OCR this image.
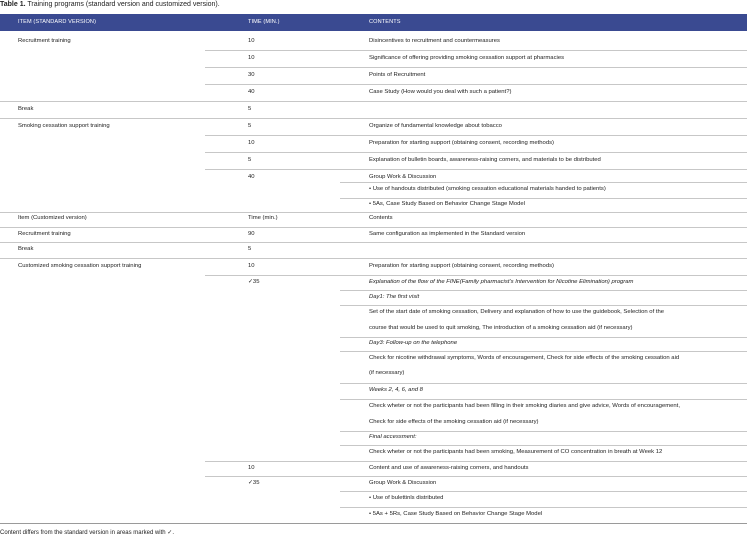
Table 1. Training programs (standard version and customized version).
ITEM (STANDARD VERSION)	TIME (MIN.)	CONTENTS
Recruitment training	10	Disincentives to recruitment and countermeasures
10	Significance of offering providing smoking cessation support at pharmacies
30	Points of Recruitment
40	Case Study (How would you deal with such a patient?)
Break	5
Smoking cessation support training	5	Organize of fundamental knowledge about tobacco
10	Preparation for starting support (obtaining consent, recording methods)
5	Explanation of bulletin boards, awareness-raising corners, and materials to be distributed
40	Group Work & Discussion
• Use of handouts distributed (smoking cessation educational materials handed to patients)
• 5As, Case Study Based on Behavior Change Stage Model
Item (Customized version)	Time (min.)	Contents
Recruitment training	90	Same configuration as implemented in the Standard version
Break	5
Customized smoking cessation support training	10	Preparation for starting support (obtaining consent, recording methods)
✓35	Explanation of the flow of the FINE(Family pharmacist’s Intervention for Nicotine Elimination) program
Day1: The first visit
Set of the start date of smoking cessation, Delivery and explanation of how to use the guidebook, Selection of the
course that would be used to quit smoking, The introduction of a smoking cessation aid (if necessary)
Day3: Follow-up on the telephone
Check for nicotine withdrawal symptoms, Words of encouragement, Check for side effects of the smoking cessation aid
(if necessary)
Weeks 2, 4, 6, and 8
Check wheter or not the participants had been filling in their smoking diaries and give advice, Words of encouragement,
Check for side effects of the smoking cessation aid (if necessary)
Final accessment:
Check wheter or not the participants had been smoking, Measurement of CO concentration in breath at Week 12
10	Content and use of awareness-raising corners, and handouts
✓35	Group Work & Discussion
• Use of bulettinls distributed
• 5As + 5Rs, Case Study Based on Behavior Change Stage Model
Content differs from the standard version in areas marked with ✓.
